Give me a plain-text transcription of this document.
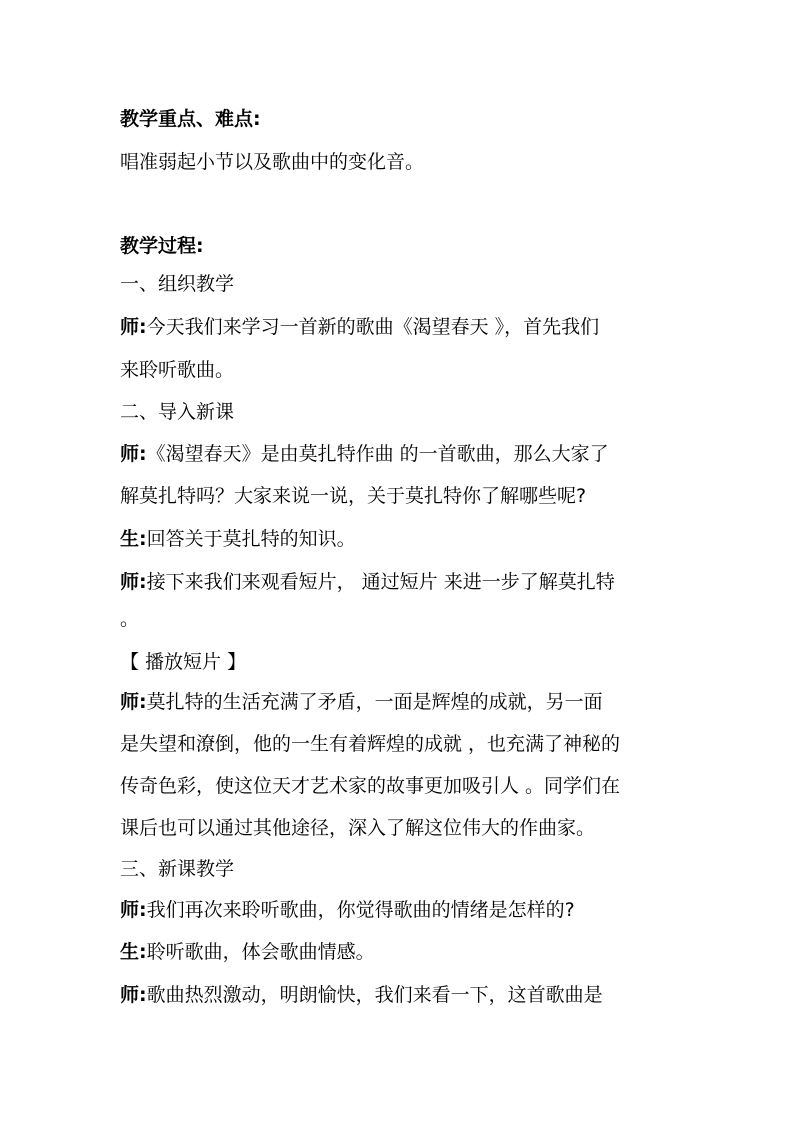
教学重点、难点:
唱准弱起小节以及歌曲中的变化音。
教学过程:
一、组织教学
师:今天我们来学习一首新的歌曲《渴望春天 》，首先我们
来聆听歌曲。
二、导入新课
师:《渴望春天》是由莫扎特作曲 的一首歌曲，那么大家了
解莫扎特吗？大家来说一说，关于莫扎特你了解哪些呢?
生:回答关于莫扎特的知识。
师:接下来我们来观看短片， 通过短片 来进一步了解莫扎特
。
【 播放短片 】
师:莫扎特的生活充满了矛盾，一面是辉煌的成就，另一面
是失望和潦倒，他的一生有着辉煌的成就 ，也充满了神秘的
传奇色彩，使这位天才艺术家的故事更加吸引人 。同学们在
课后也可以通过其他途径，深入了解这位伟大的作曲家。
三、新课教学
师:我们再次来聆听歌曲，你觉得歌曲的情绪是怎样的?
生:聆听歌曲，体会歌曲情感。
师:歌曲热烈激动，明朗愉快，我们来看一下，这首歌曲是
